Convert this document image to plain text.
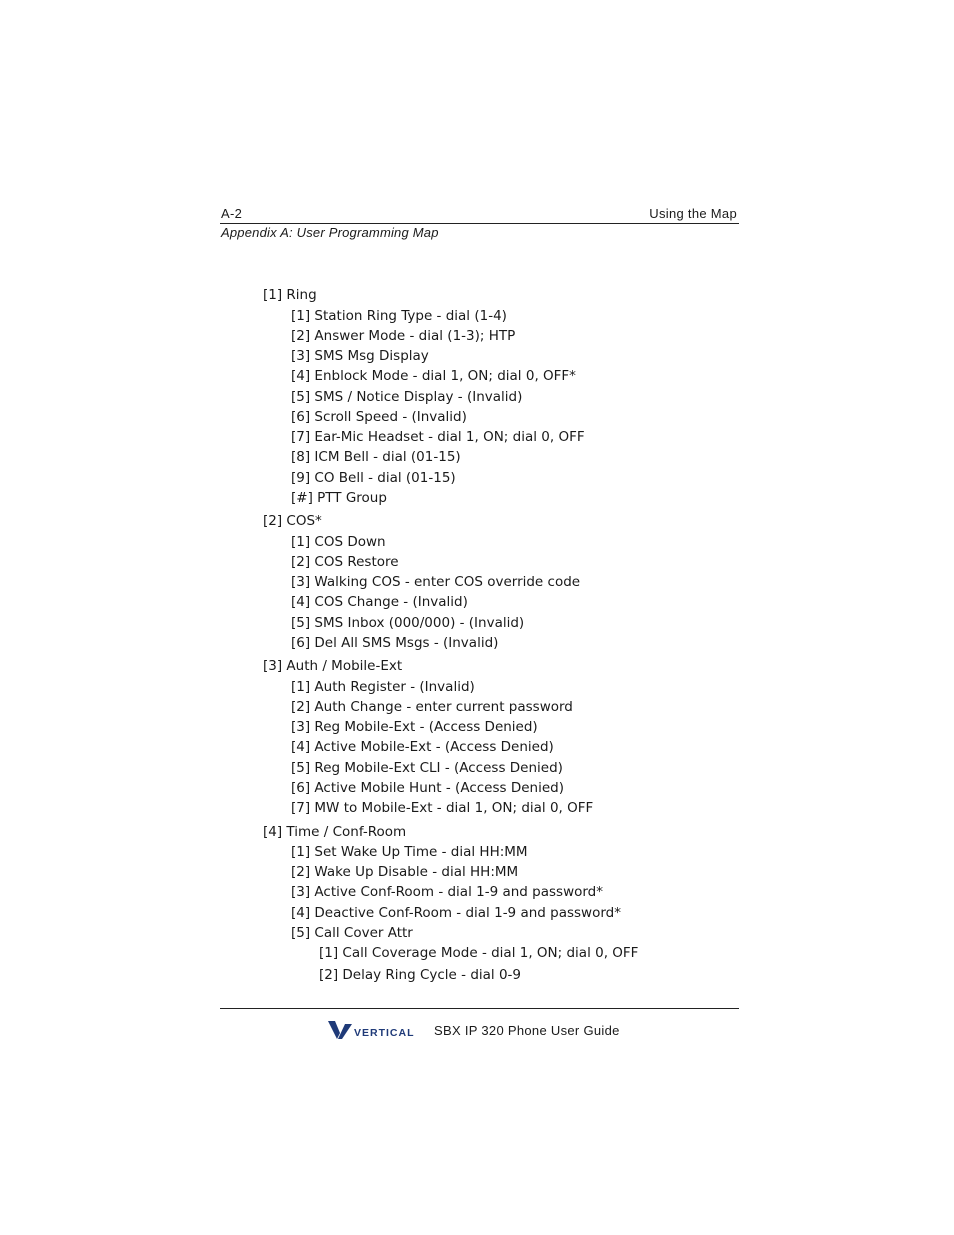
A-2	Using the Map
Appendix A: User Programming Map
[1] Ring
[1] Station Ring Type - dial (1-4)
[2] Answer Mode - dial (1-3); HTP
[3] SMS Msg Display
[4] Enblock Mode - dial 1, ON; dial 0, OFF*
[5] SMS / Notice Display - (Invalid)
[6] Scroll Speed - (Invalid)
[7] Ear-Mic Headset - dial 1, ON; dial 0, OFF
[8] ICM Bell - dial (01-15)
[9] CO Bell - dial (01-15)
[#] PTT Group
[2] COS*
[1] COS Down
[2] COS Restore
[3] Walking COS - enter COS override code
[4] COS Change - (Invalid)
[5] SMS Inbox (000/000) - (Invalid)
[6] Del All SMS Msgs - (Invalid)
[3] Auth / Mobile-Ext
[1] Auth Register - (Invalid)
[2] Auth Change - enter current password
[3] Reg Mobile-Ext - (Access Denied)
[4] Active Mobile-Ext - (Access Denied)
[5] Reg Mobile-Ext CLI - (Access Denied)
[6] Active Mobile Hunt - (Access Denied)
[7] MW to Mobile-Ext - dial 1, ON; dial 0, OFF
[4] Time / Conf-Room
[1] Set Wake Up Time - dial HH:MM
[2] Wake Up Disable - dial HH:MM
[3] Active Conf-Room - dial 1-9 and password*
[4] Deactive Conf-Room - dial 1-9 and password*
[5] Call Cover Attr
[1] Call Coverage Mode - dial 1, ON; dial 0, OFF
[2] Delay Ring Cycle - dial 0-9
VERTICAL SBX IP 320 Phone User Guide
